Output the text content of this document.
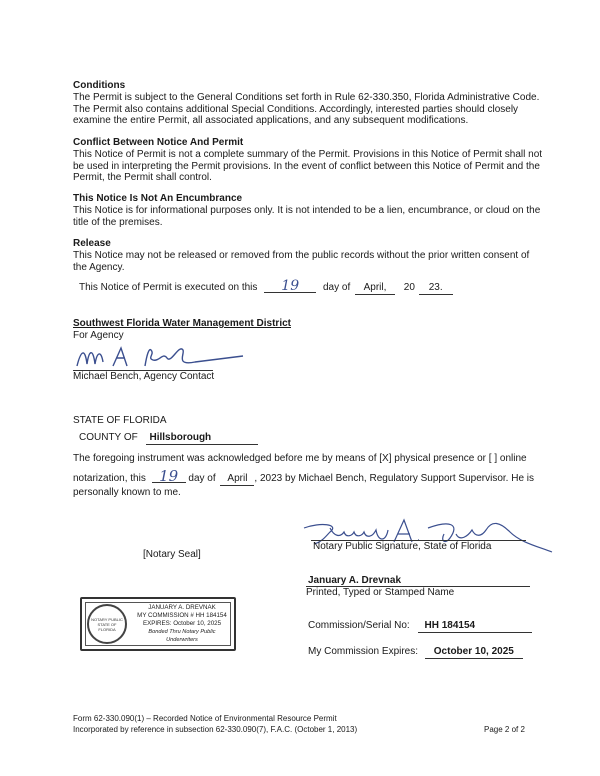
Conditions
The Permit is subject to the General Conditions set forth in Rule 62-330.350, Florida Administrative Code. The Permit also contains additional Special Conditions. Accordingly, interested parties should closely examine the entire Permit, all associated applications, and any subsequent modifications.
Conflict Between Notice And Permit
This Notice of Permit is not a complete summary of the Permit. Provisions in this Notice of Permit shall not be used in interpreting the Permit provisions. In the event of conflict between this Notice of Permit and the Permit, the Permit shall control.
This Notice Is Not An Encumbrance
This Notice is for informational purposes only. It is not intended to be a lien, encumbrance, or cloud on the title of the premises.
Release
This Notice may not be released or removed from the public records without the prior written consent of the Agency.
This Notice of Permit is executed on this 19 day of April, 20 23.
Southwest Florida Water Management District
For Agency
Michael Bench, Agency Contact
STATE OF FLORIDA
COUNTY OF Hillsborough
The foregoing instrument was acknowledged before me by means of [X] physical presence or [ ] online
notarization, this 19 day of April , 2023 by Michael Bench, Regulatory Support Supervisor. He is
personally known to me.
Notary Public Signature, State of Florida
[Notary Seal]
January A. Drevnak
Printed, Typed or Stamped Name
Commission/Serial No: HH 184154
My Commission Expires: October 10, 2025
NOTARY PUBLIC STATE OF FLORIDA
JANUARY A. DREVNAK
MY COMMISSION # HH 184154
EXPIRES: October 10, 2025
Bonded Thru Notary Public Underwriters
Form 62-330.090(1) – Recorded Notice of Environmental Resource Permit
Incorporated by reference in subsection 62-330.090(7), F.A.C. (October 1, 2013)	Page 2 of 2
